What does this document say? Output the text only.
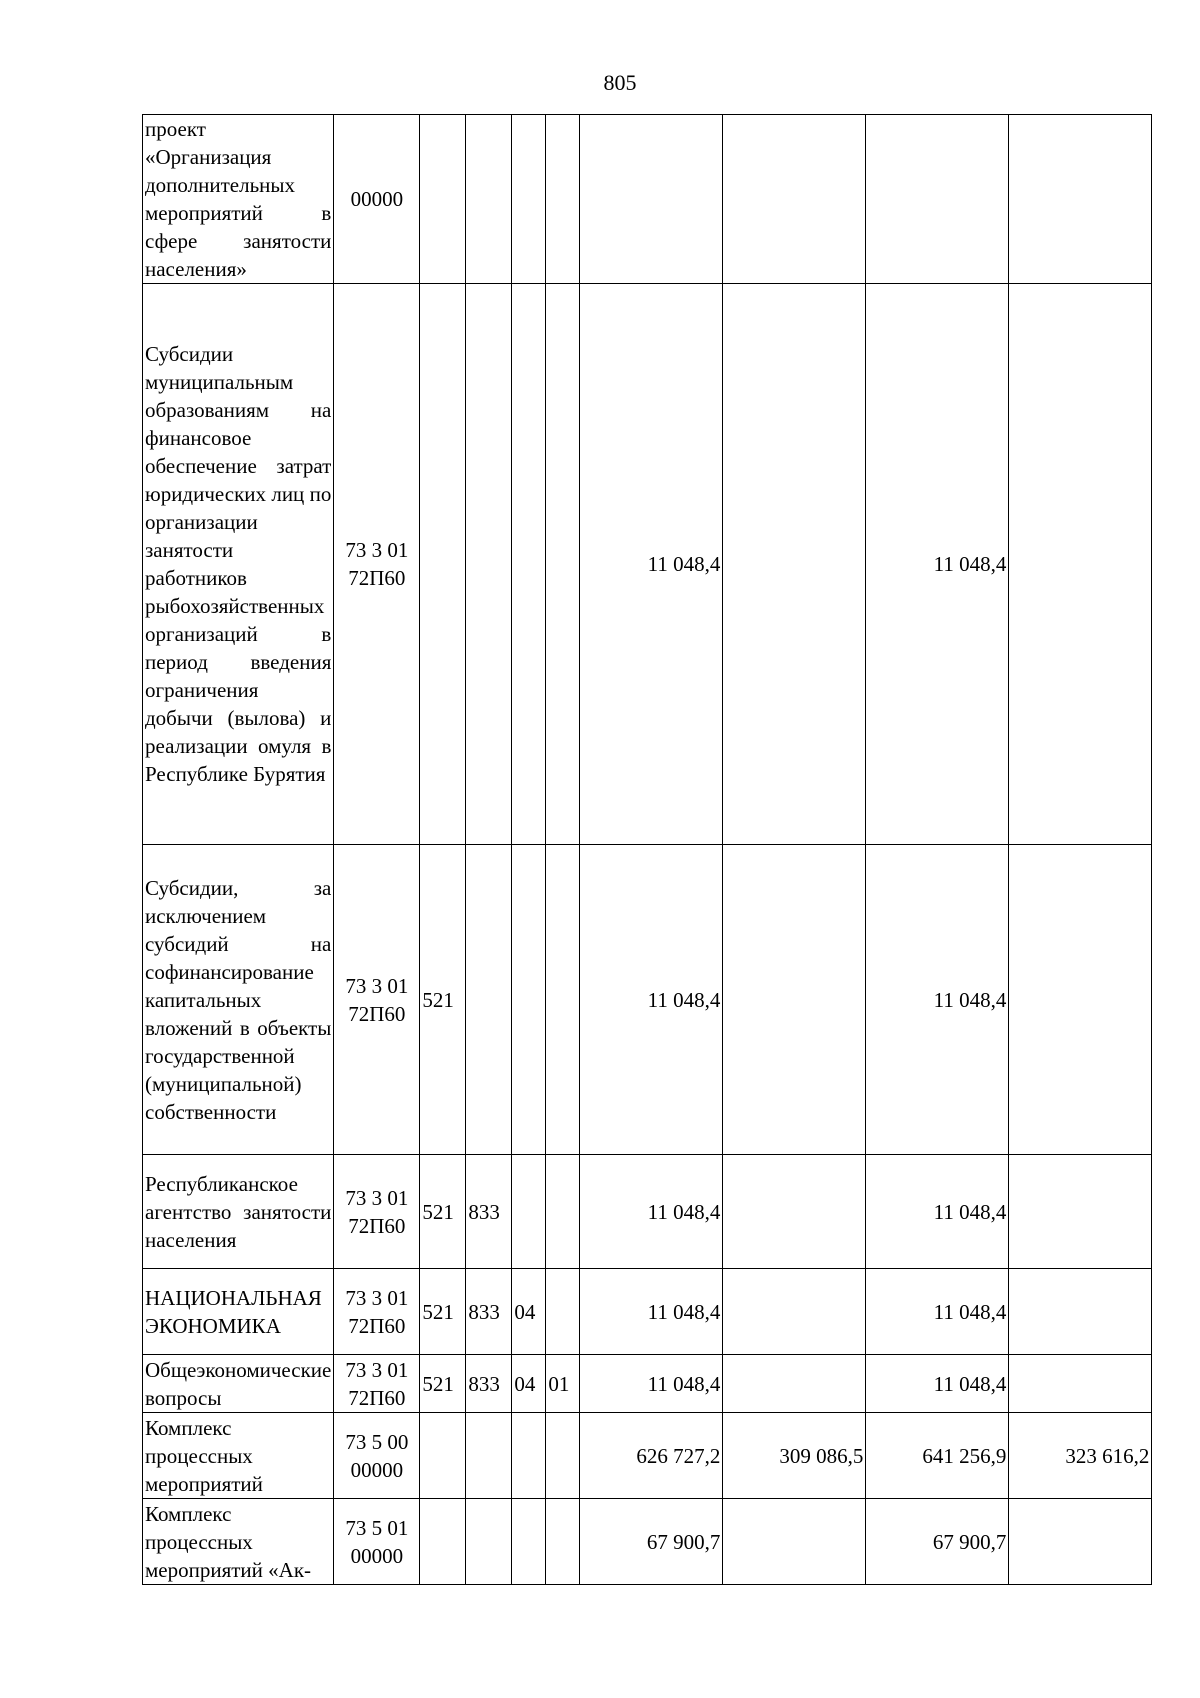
805
проект «Организация дополнительных мероприятий в сфере занятости населения»	00000								
Субсидии муниципальным образованиям на финансовое обеспечение затрат юридических лиц по организации занятости работников рыбохозяйственных организаций в период введения ограничения добычи (вылова) и реализации омуля в Республике Бурятия	73 3 01 72П60					11 048,4		11 048,4	
Субсидии, за исключением субсидий на софинансирование капитальных вложений в объекты государственной (муниципальной) собственности	73 3 01 72П60	521				11 048,4		11 048,4	
Республиканское агентство занятости населения	73 3 01 72П60	521	833			11 048,4		11 048,4	
НАЦИОНАЛЬНАЯ ЭКОНОМИКА	73 3 01 72П60	521	833	04		11 048,4		11 048,4	
Общеэкономические вопросы	73 3 01 72П60	521	833	04	01	11 048,4		11 048,4	
Комплекс процессных мероприятий	73 5 00 00000					626 727,2	309 086,5	641 256,9	323 616,2
Комплекс процессных мероприятий «Ак-	73 5 01 00000					67 900,7		67 900,7	
